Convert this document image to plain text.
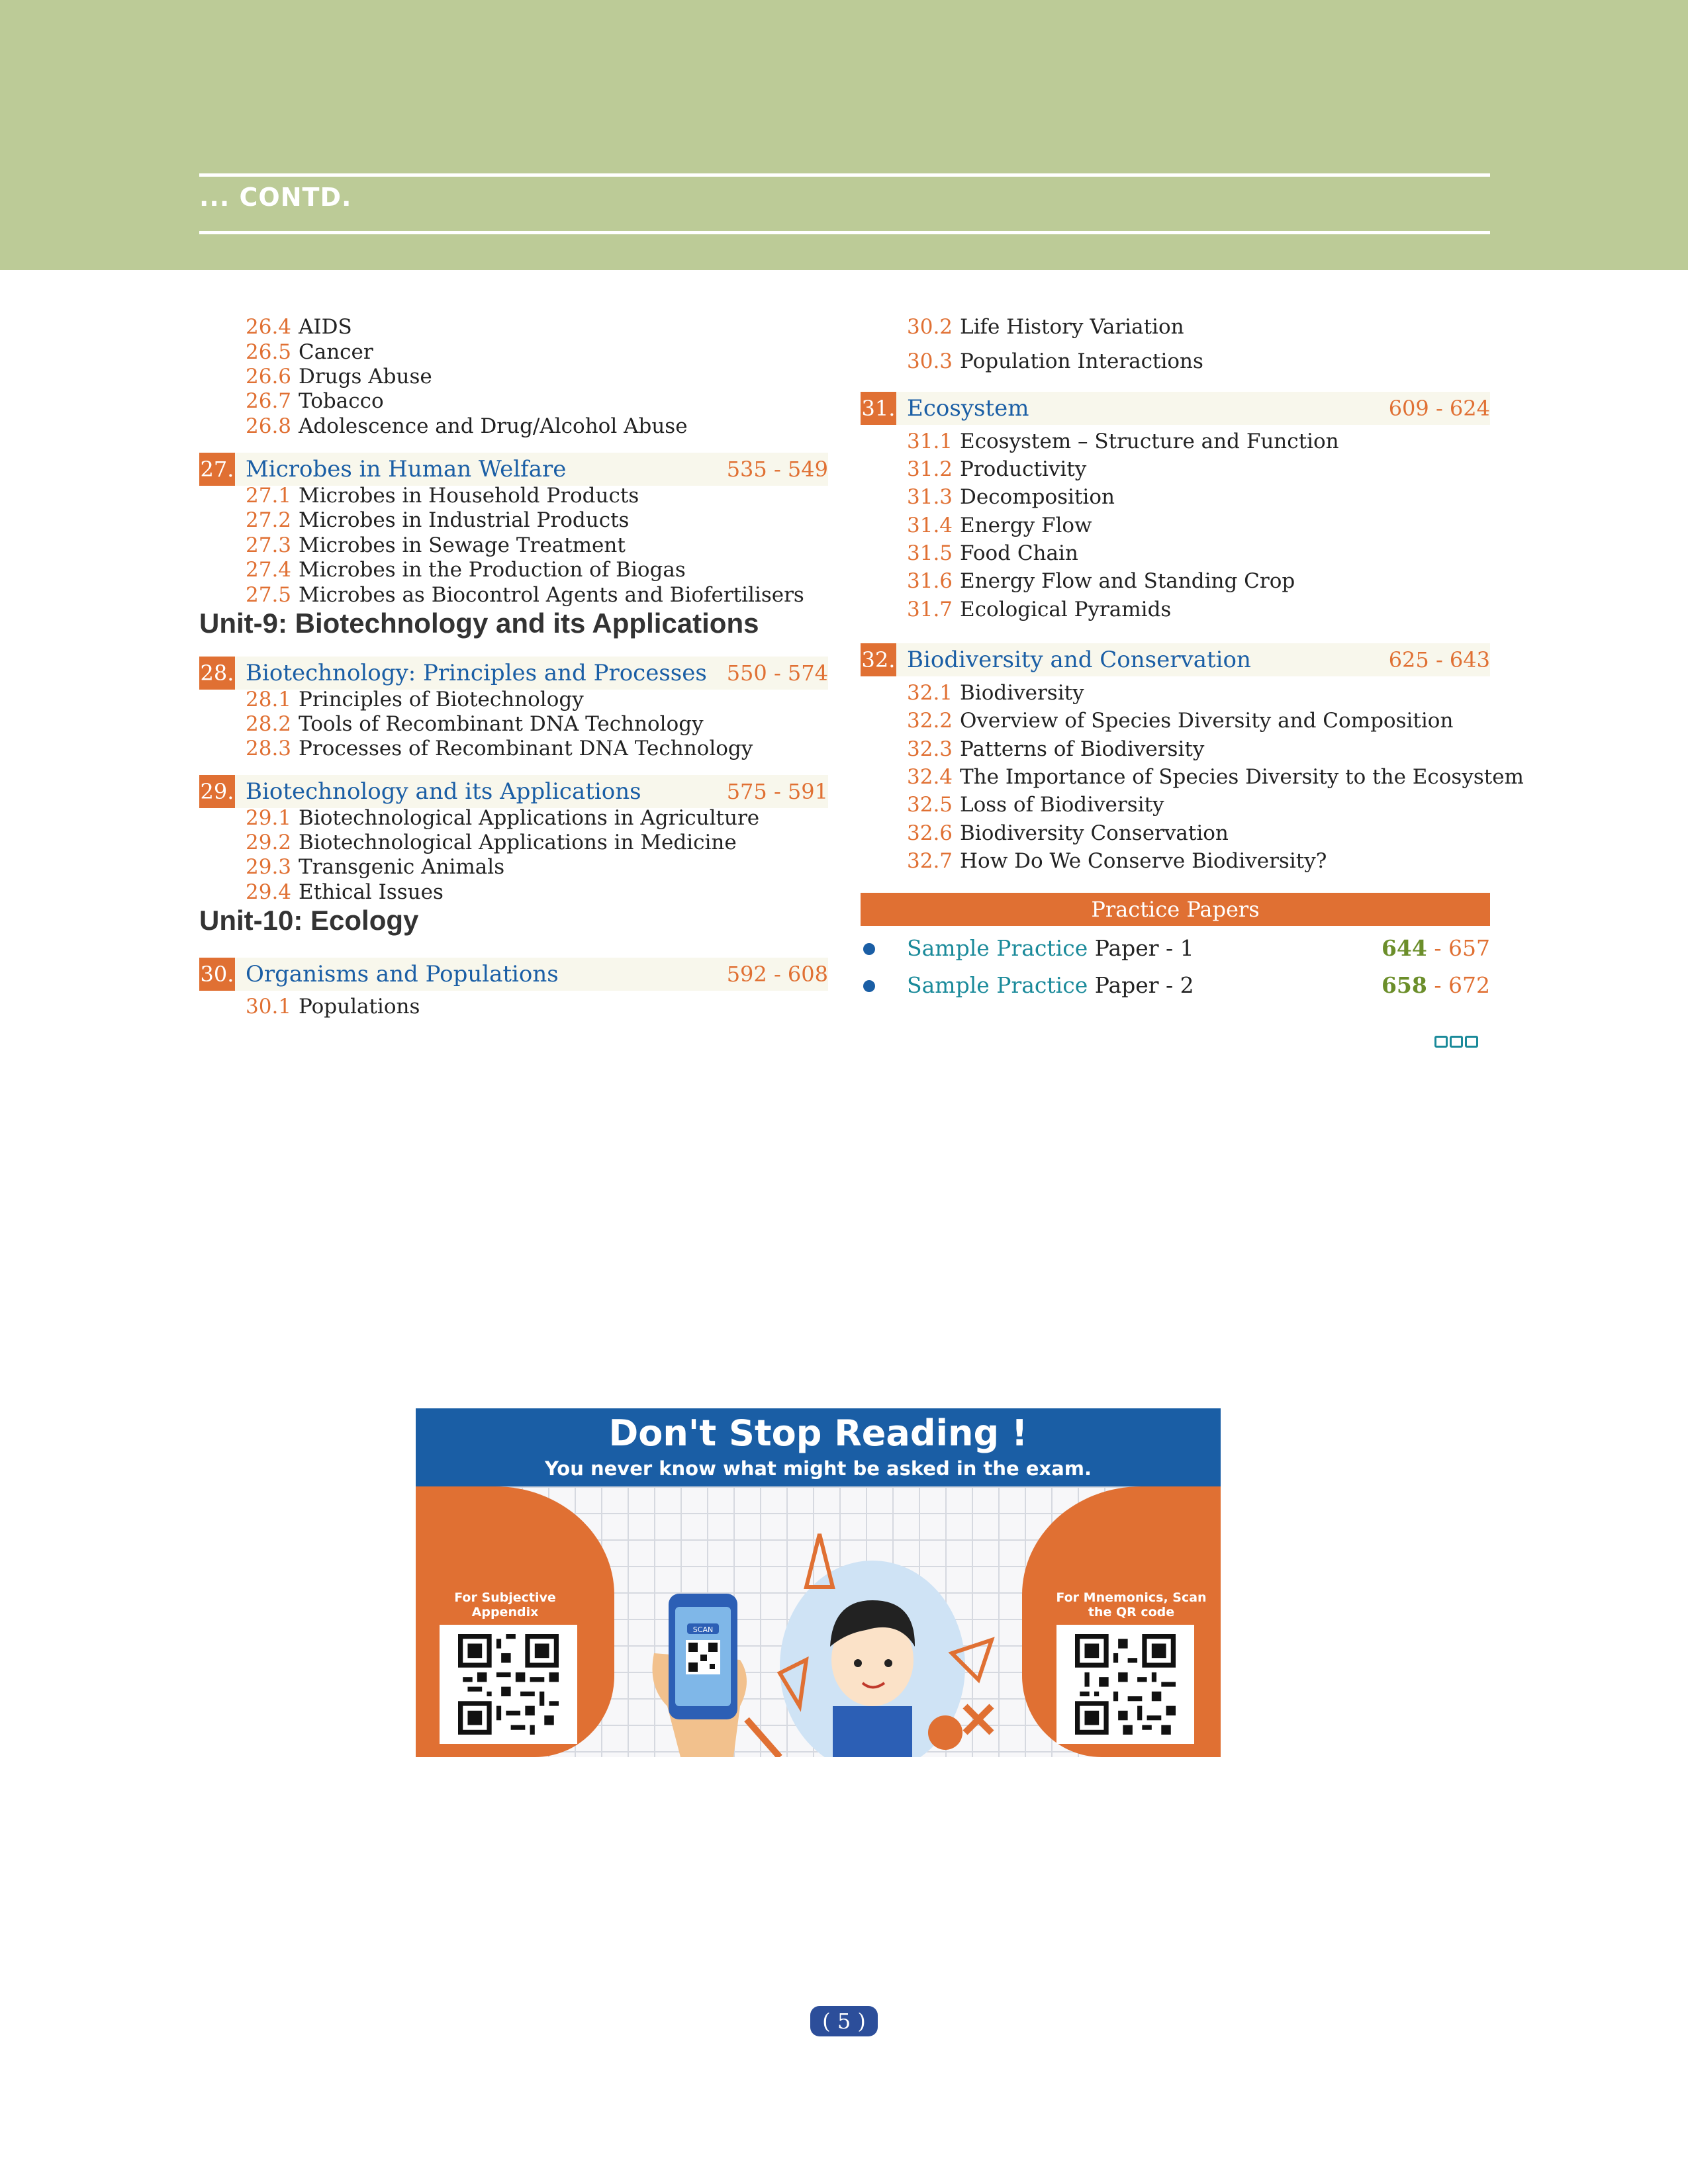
... CONTD.
26.4 AIDS
26.5 Cancer
26.6 Drugs Abuse
26.7 Tobacco
26.8 Adolescence and Drug/Alcohol Abuse
27. Microbes in Human Welfare	535 - 549
27.1 Microbes in Household Products
27.2 Microbes in Industrial Products
27.3 Microbes in Sewage Treatment
27.4 Microbes in the Production of Biogas
27.5 Microbes as Biocontrol Agents and Biofertilisers
Unit-9: Biotechnology and its Applications
28. Biotechnology: Principles and Processes 550 - 574
28.1 Principles of Biotechnology
28.2 Tools of Recombinant DNA Technology
28.3 Processes of Recombinant DNA Technology
29. Biotechnology and its Applications	575 - 591
29.1 Biotechnological Applications in Agriculture
29.2 Biotechnological Applications in Medicine
29.3 Transgenic Animals
29.4 Ethical Issues
Unit-10: Ecology
30. Organisms and Populations	592 - 608
30.1 Populations
30.2 Life History Variation
30.3 Population Interactions
31. Ecosystem	609 - 624
31.1 Ecosystem – Structure and Function
31.2 Productivity
31.3 Decomposition
31.4 Energy Flow
31.5 Food Chain
31.6 Energy Flow and Standing Crop
31.7 Ecological Pyramids
32. Biodiversity and Conservation	625 - 643
32.1 Biodiversity
32.2 Overview of Species Diversity and Composition
32.3 Patterns of Biodiversity
32.4 The Importance of Species Diversity to the Ecosystem
32.5 Loss of Biodiversity
32.6 Biodiversity Conservation
32.7 How Do We Conserve Biodiversity?
Practice Papers
Sample Practice Paper - 1	644 - 657
Sample Practice Paper - 2	658 - 672
Don't Stop Reading !
You never know what might be asked in the exam.
For Subjective Appendix
For Mnemonics, Scan the QR code
SCAN
( 5 )
